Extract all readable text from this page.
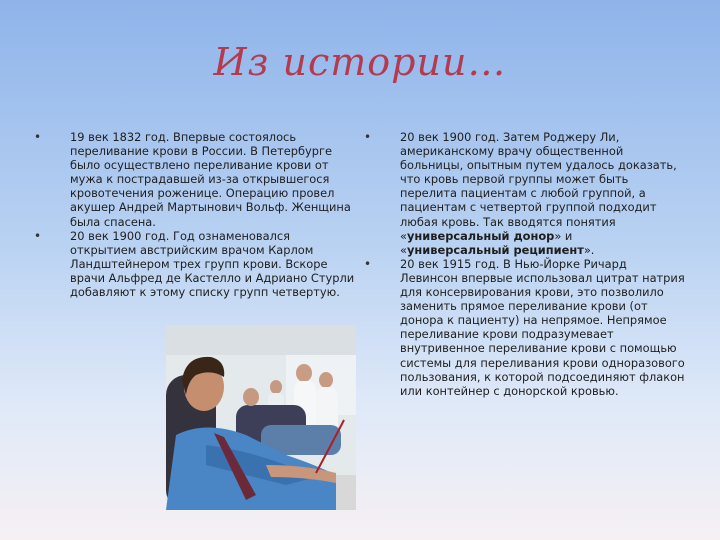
Из истории…
•	19 век 1832 год. Впервые состоялось переливание крови в России. В Петербурге было осуществлено переливание крови от мужа к пострадавшей из-за открывшегося кровотечения роженице. Операцию провел акушер Андрей Мартынович Вольф. Женщина была спасена.
•	20 век 1900 год. Год ознаменовался открытием австрийским врачом Карлом Ландштейнером трех групп крови. Вскоре врачи Альфред де Кастелло и Адриано Стурли добавляют к этому списку групп четвертую.
•	20 век 1900 год. Затем Роджеру Ли, американскому врачу общественной больницы, опытным путем удалось доказать, что кровь первой группы может быть перелита пациентам с любой группой, а пациентам с четвертой группой подходит любая кровь. Так вводятся понятия «универсальный донор» и «универсальный реципиент».
•	20 век 1915 год. В Нью-Йорке Ричард Левинсон впервые использовал цитрат натрия для консервирования крови, это позволило заменить прямое переливание крови (от донора к пациенту) на непрямое. Непрямое переливание крови подразумевает внутривенное переливание крови с помощью системы для переливания крови одноразового пользования, к которой подсоединяют флакон или контейнер с донорской кровью.
